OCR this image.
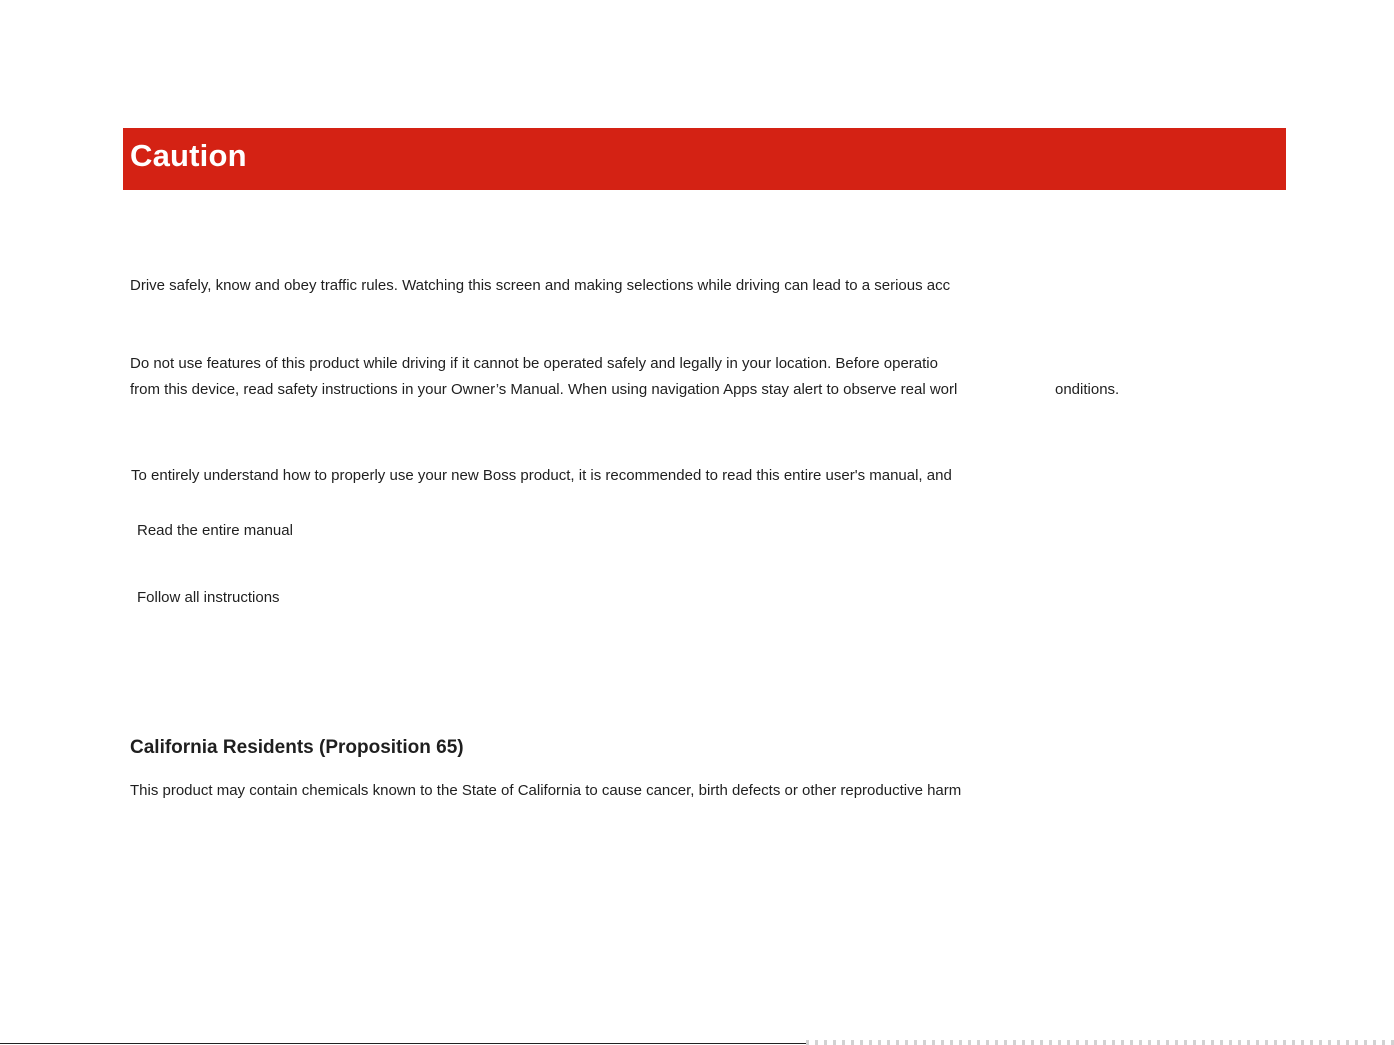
Caution
Drive safely, know and obey traffic rules. Watching this screen and making selections while driving can lead to a serious acc
Do not use features of this product while driving if it cannot be operated safely and legally in your location. Before operatio
from this device, read safety instructions in your Owner’s Manual. When using navigation Apps stay alert to observe real worl	onditions.
To entirely understand how to properly use your new Boss product, it is recommended to read this entire user's manual, and
Read the entire manual
Follow all instructions
California Residents (Proposition 65)
This product may contain chemicals known to the State of California to cause cancer, birth defects or other reproductive harm
